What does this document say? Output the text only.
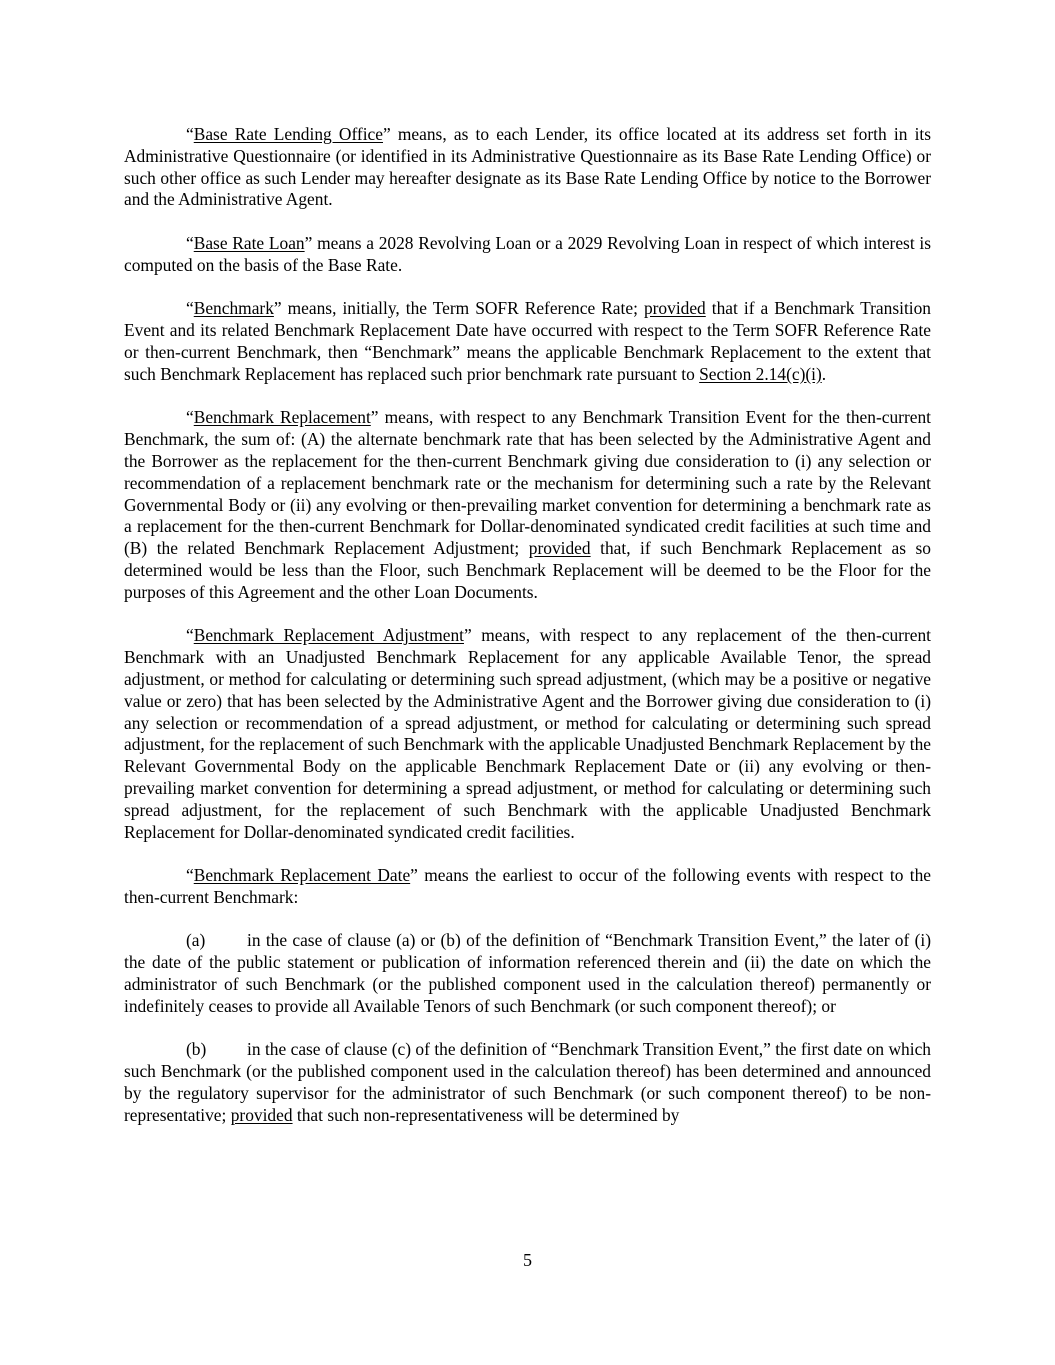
“Base Rate Lending Office” means, as to each Lender, its office located at its address set forth in its Administrative Questionnaire (or identified in its Administrative Questionnaire as its Base Rate Lending Office) or such other office as such Lender may hereafter designate as its Base Rate Lending Office by notice to the Borrower and the Administrative Agent.

“Base Rate Loan” means a 2028 Revolving Loan or a 2029 Revolving Loan in respect of which interest is computed on the basis of the Base Rate.

“Benchmark” means, initially, the Term SOFR Reference Rate; provided that if a Benchmark Transition Event and its related Benchmark Replacement Date have occurred with respect to the Term SOFR Reference Rate or then-current Benchmark, then “Benchmark” means the applicable Benchmark Replacement to the extent that such Benchmark Replacement has replaced such prior benchmark rate pursuant to Section 2.14(c)(i).

“Benchmark Replacement” means, with respect to any Benchmark Transition Event for the then-current Benchmark, the sum of: (A) the alternate benchmark rate that has been selected by the Administrative Agent and the Borrower as the replacement for the then-current Benchmark giving due consideration to (i) any selection or recommendation of a replacement benchmark rate or the mechanism for determining such a rate by the Relevant Governmental Body or (ii) any evolving or then-prevailing market convention for determining a benchmark rate as a replacement for the then-current Benchmark for Dollar-denominated syndicated credit facilities at such time and (B) the related Benchmark Replacement Adjustment; provided that, if such Benchmark Replacement as so determined would be less than the Floor, such Benchmark Replacement will be deemed to be the Floor for the purposes of this Agreement and the other Loan Documents.

“Benchmark Replacement Adjustment” means, with respect to any replacement of the then-current Benchmark with an Unadjusted Benchmark Replacement for any applicable Available Tenor, the spread adjustment, or method for calculating or determining such spread adjustment, (which may be a positive or negative value or zero) that has been selected by the Administrative Agent and the Borrower giving due consideration to (i) any selection or recommendation of a spread adjustment, or method for calculating or determining such spread adjustment, for the replacement of such Benchmark with the applicable Unadjusted Benchmark Replacement by the Relevant Governmental Body on the applicable Benchmark Replacement Date or (ii) any evolving or then-prevailing market convention for determining a spread adjustment, or method for calculating or determining such spread adjustment, for the replacement of such Benchmark with the applicable Unadjusted Benchmark Replacement for Dollar-denominated syndicated credit facilities.

“Benchmark Replacement Date” means the earliest to occur of the following events with respect to the then-current Benchmark:

(a) in the case of clause (a) or (b) of the definition of “Benchmark Transition Event,” the later of (i) the date of the public statement or publication of information referenced therein and (ii) the date on which the administrator of such Benchmark (or the published component used in the calculation thereof) permanently or indefinitely ceases to provide all Available Tenors of such Benchmark (or such component thereof); or

(b) in the case of clause (c) of the definition of “Benchmark Transition Event,” the first date on which such Benchmark (or the published component used in the calculation thereof) has been determined and announced by the regulatory supervisor for the administrator of such Benchmark (or such component thereof) to be non-representative; provided that such non-representativeness will be determined by

5
